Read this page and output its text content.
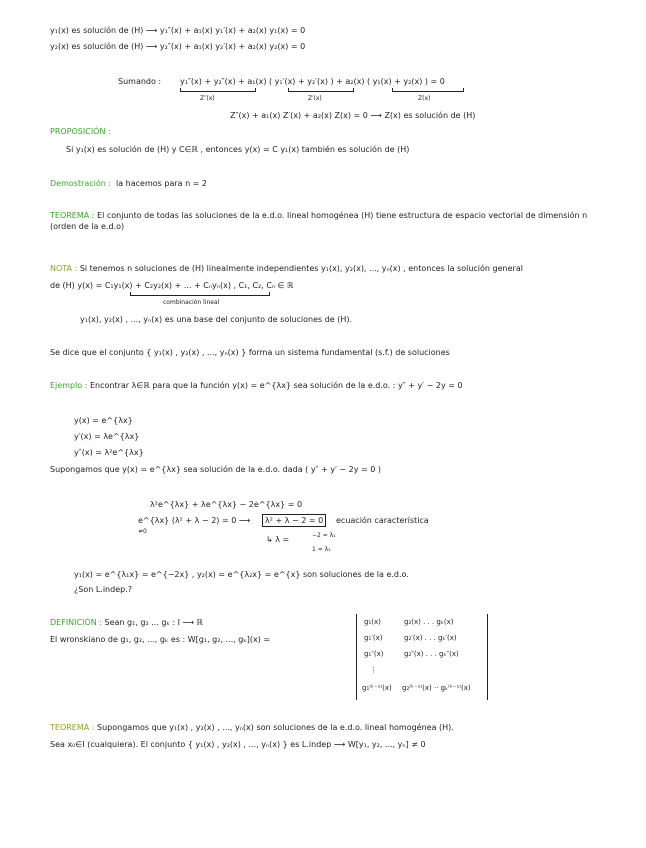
y₁(x) es solución de (H) ⟶ y₁″(x) + a₁(x) y₁′(x) + a₂(x) y₁(x) = 0
y₂(x) es solución de (H) ⟶ y₂″(x) + a₁(x) y₂′(x) + a₂(x) y₂(x) = 0
Sumando : y₁″(x) + y₂″(x) + a₁(x) ( y₁′(x) + y₂′(x) ) + a₂(x) ( y₁(x) + y₂(x) ) = 0
Z″(x)	Z′(x)	Z(x)
Z″(x) + a₁(x) Z′(x) + a₂(x) Z(x) = 0 ⟶ Z(x) es solución de (H)
PROPOSICIÓN :
Si y₁(x) es solución de (H) y C∈ℝ , entonces y(x) = C y₁(x) también es solución de (H)
Demostración : la hacemos para n = 2
TEOREMA : El conjunto de todas las soluciones de la e.d.o. lineal homogénea (H) tiene estructura de espacio vectorial de dimensión n (orden de la e.d.o)
NOTA : Si tenemos n soluciones de (H) linealmente independientes y₁(x), y₂(x), ..., yₙ(x) , entonces la solución general
de (H) y(x) = C₁y₁(x) + C₂y₂(x) + ... + Cₙyₙ(x) , C₁, C₂, Cₙ ∈ ℝ
combinación lineal
y₁(x), y₂(x) , ..., yₙ(x) es una base del conjunto de soluciones de (H).
Se dice que el conjunto { y₁(x) , y₂(x) , ..., yₙ(x) } forma un sistema fundamental (s.f.) de soluciones
Ejemplo : Encontrar λ∈ℝ para que la función y(x) = e^{λx} sea solución de la e.d.o. : y″ + y′ − 2y = 0
y(x) = e^{λx}
y′(x) = λe^{λx}
y″(x) = λ²e^{λx}
Supongamos que y(x) = e^{λx} sea solución de la e.d.o. dada ( y″ + y′ − 2y = 0 )
λ²e^{λx} + λe^{λx} − 2e^{λx} = 0
e^{λx} (λ² + λ − 2) = 0 ⟶
≠0
λ² + λ − 2 = 0	ecuación característica
↳ λ =	−2 = λ₁
1 = λ₂
y₁(x) = e^{λ₁x} = e^{−2x} , y₂(x) = e^{λ₂x} = e^{x} son soluciones de la e.d.o.
¿Son L.indep.?
DEFINICIÓN : Sean g₁, g₂ ... gₖ : I ⟶ ℝ
El wronskiano de g₁, g₂, ..., gₖ es : W[g₁, g₂, ..., gₖ](x) =
g₁(x)	g₂(x) . . . gₖ(x)
g₁′(x)	g₂′(x) . . . gₖ′(x)
g₁″(x)	g₂″(x) . . . gₖ″(x)
⋮
g₁⁽ᵏ⁻¹⁾(x) g₂⁽ᵏ⁻¹⁾(x) ·· gₖ⁽ᵏ⁻¹⁾(x)
TEOREMA : Supongamos que y₁(x) , y₂(x) , ..., yₙ(x) son soluciones de la e.d.o. lineal homogénea (H).
Sea x₀∈I (cualquiera). El conjunto { y₁(x) , y₂(x) , ..., yₙ(x) } es L.indep ⟶ W[y₁, y₂, ..., yₙ] ≠ 0
